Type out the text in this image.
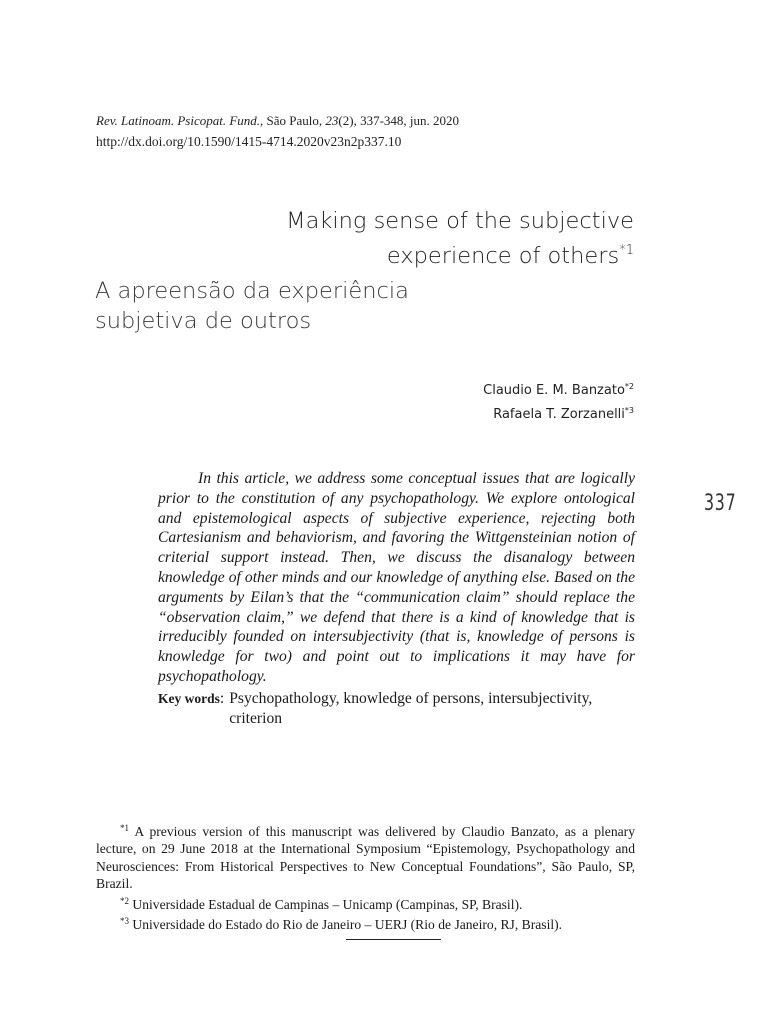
Rev. Latinoam. Psicopat. Fund., São Paulo, 23(2), 337-348, jun. 2020
http://dx.doi.org/10.1590/1415-4714.2020v23n2p337.10
Making sense of the subjective
experience of others$^{*1}$
A apreensão da experiência
subjetiva de outros
Claudio E. M. Banzato$^{*2}$
Rafaela T. Zorzanelli$^{*3}$

In this article, we address some conceptual issues that are logically prior to the constitution of any psychopathology. We explore ontological and epistemological aspects of subjective experience, rejecting both Cartesianism and behaviorism, and favoring the Wittgensteinian notion of criterial support instead. Then, we discuss the disanalogy between knowledge of other minds and our knowledge of anything else. Based on the arguments by Eilan’s that the “communication claim” should replace the “observation claim,” we defend that there is a kind of knowledge that is irreducibly founded on intersubjectivity (that is, knowledge of persons is knowledge for two) and point out to implications it may have for psychopathology.

Key words: Psychopathology, knowledge of persons, intersubjectivity, criterion
337

$^{*1}$ A previous version of this manuscript was delivered by Claudio Banzato, as a plenary lecture, on 29 June 2018 at the International Symposium “Epistemology, Psychopathology and Neurosciences: From Historical Perspectives to New Conceptual Foundations”, São Paulo, SP, Brazil.

$^{*2}$ Universidade Estadual de Campinas – Unicamp (Campinas, SP, Brasil).

$^{*3}$ Universidade do Estado do Rio de Janeiro – UERJ (Rio de Janeiro, RJ, Brasil).
